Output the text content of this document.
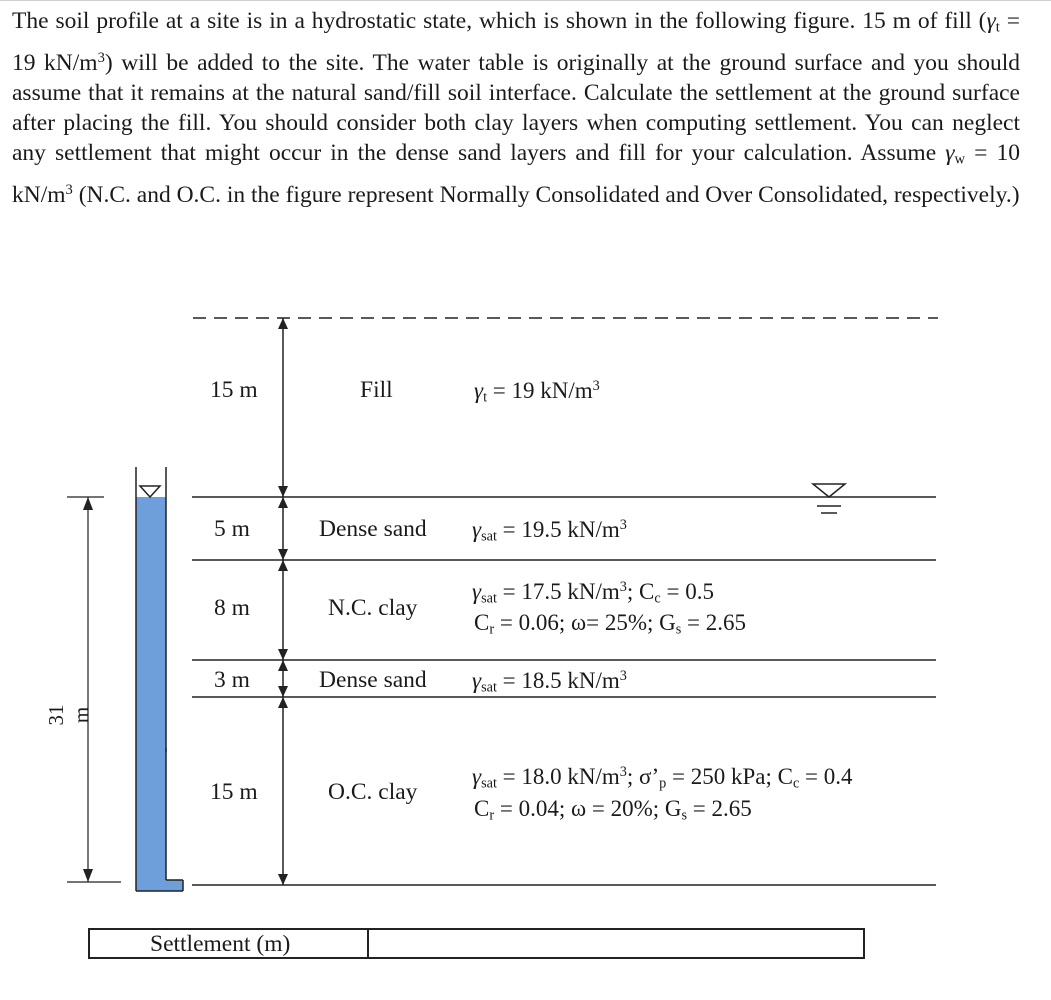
The soil profile at a site is in a hydrostatic state, which is shown in the following figure. 15 m of fill ($\gamma_t = 19$ $kN/m^3$) will be added to the site. The water table is originally at the ground surface and you should assume that it remains at the natural sand/fill soil interface. Calculate the settlement at the ground surface after placing the fill. You should consider both clay layers when computing settlement. You can neglect any settlement that might occur in the dense sand layers and fill for your calculation. Assume $\gamma_w = 10$ $kN/m^3$ (N.C. and O.C. in the figure represent Normally Consolidated and Over Consolidated, respectively.)

31 m
15 m
5 m
8 m
3 m
15 m
Fill
Dense sand
N.C. clay
Dense sand
O.C. clay
$\gamma_t = 19$ $kN/m^3$
$\gamma_{sat} = 19.5$ $kN/m^3$
$\gamma_{sat} = 17.5$ $kN/m^3$; $C_c = 0.5$
$C_r = 0.06$; ω= 25%; $G_s = 2.65$
$\gamma_{sat} = 18.5$ $kN/m^3$
$\gamma_{sat} = 18.0$ $kN/m^3$; $\sigma’_p = 250$ kPa; $C_c = 0.4$
$C_r = 0.04$; ω = 20%; $G_s = 2.65$
Settlement (m)
